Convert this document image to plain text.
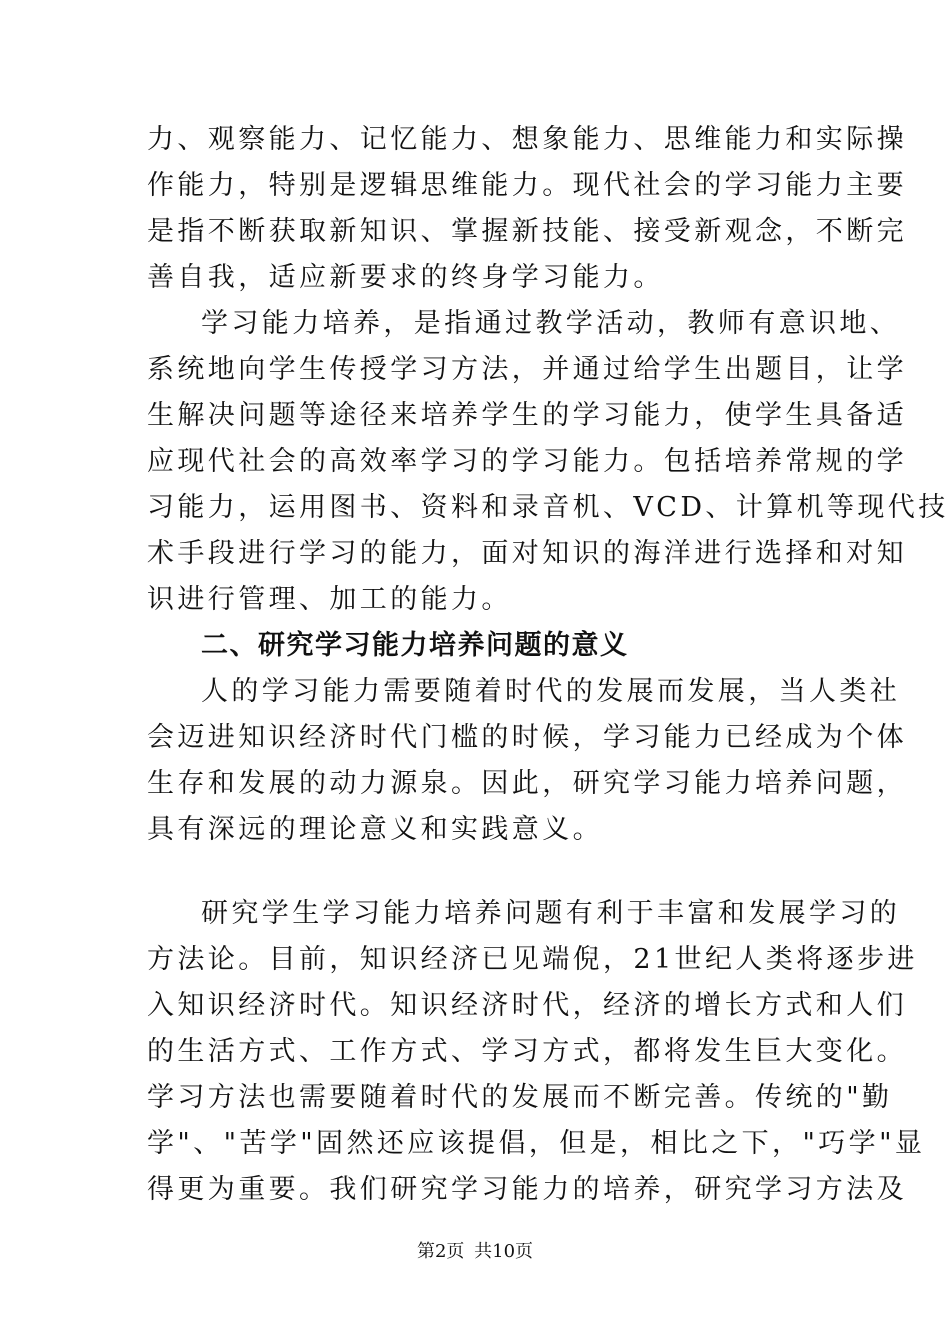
力、观察能力、记忆能力、想象能力、思维能力和实际操
作能力，特别是逻辑思维能力。现代社会的学习能力主要
是指不断获取新知识、掌握新技能、接受新观念，不断完
善自我，适应新要求的终身学习能力。
学习能力培养，是指通过教学活动，教师有意识地、
系统地向学生传授学习方法，并通过给学生出题目，让学
生解决问题等途径来培养学生的学习能力，使学生具备适
应现代社会的高效率学习的学习能力。包括培养常规的学
习能力，运用图书、资料和录音机、VCD、计算机等现代技
术手段进行学习的能力，面对知识的海洋进行选择和对知
识进行管理、加工的能力。
二、研究学习能力培养问题的意义
人的学习能力需要随着时代的发展而发展，当人类社
会迈进知识经济时代门槛的时候，学习能力已经成为个体
生存和发展的动力源泉。因此，研究学习能力培养问题，
具有深远的理论意义和实践意义。
研究学生学习能力培养问题有利于丰富和发展学习的
方法论。目前，知识经济已见端倪，21世纪人类将逐步进
入知识经济时代。知识经济时代，经济的增长方式和人们
的生活方式、工作方式、学习方式，都将发生巨大变化。
学习方法也需要随着时代的发展而不断完善。传统的"勤
学"、"苦学"固然还应该提倡，但是，相比之下，"巧学"显
得更为重要。我们研究学习能力的培养，研究学习方法及
第2页 共10页
